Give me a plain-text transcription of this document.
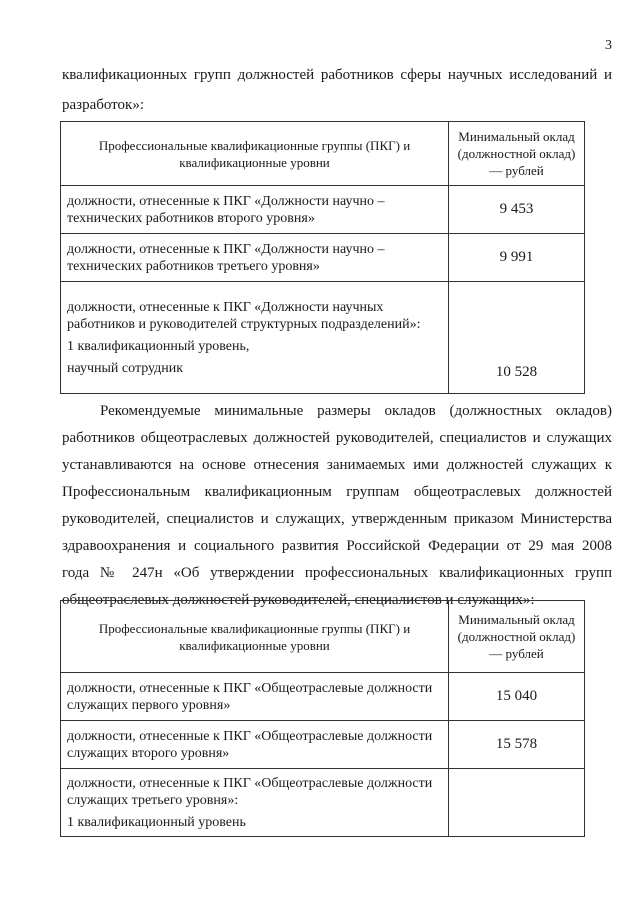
3
квалификационных групп должностей работников сферы научных исследований и
разработок»:
Профессиональные квалификационные группы (ПКГ) и квалификационные уровни	Минимальный оклад (должностной оклад) — рублей
должности, отнесенные к ПКГ «Должности научно – технических работников второго уровня»	9 453
должности, отнесенные к ПКГ «Должности научно – технических работников третьего уровня»	9 991

должности, отнесенные к ПКГ «Должности научных работников и руководителей структурных подразделений»:
1 квалификационный уровень,
научный сотрудник	10 528
Рекомендуемые минимальные размеры окладов (должностных окладов)
работников общеотраслевых должностей руководителей, специалистов и служащих
устанавливаются на основе отнесения занимаемых ими должностей служащих к
Профессиональным квалификационным группам общеотраслевых должностей
руководителей, специалистов и служащих, утвержденным приказом Министерства
здравоохранения и социального развития Российской Федерации от 29 мая 2008
года № 247н «Об утверждении профессиональных квалификационных групп
общеотраслевых должностей руководителей, специалистов и служащих»:
Профессиональные квалификационные группы (ПКГ) и квалификационные уровни	Минимальный оклад (должностной оклад) — рублей
должности, отнесенные к ПКГ «Общеотраслевые должности служащих первого уровня»	15 040
должности, отнесенные к ПКГ «Общеотраслевые должности служащих второго уровня»	15 578

должности, отнесенные к ПКГ «Общеотраслевые должности служащих третьего уровня»:
1 квалификационный уровень	
